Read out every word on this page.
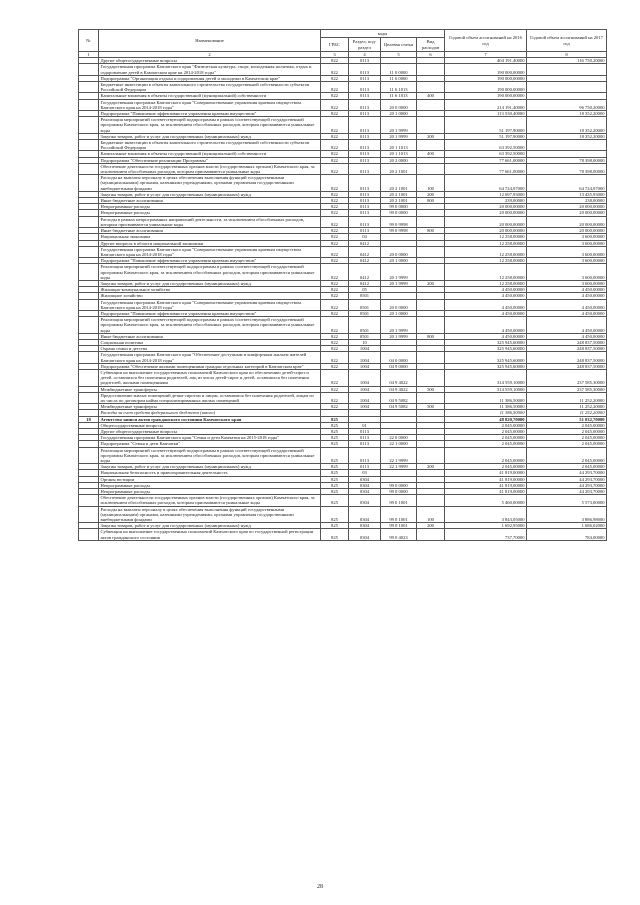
№	Наименование	коды				Годовой объем ассигнований на 2016 год	Годовой объем ассигнований на 2017 год
		ГРБС	Раздел, под-раздел	Целевая статья	Вид расходов		
1	2	3	4	5	6	7	8
	Другие общегосударственные вопросы	822	0113			404 191,40000	116 750,20000
	Государственная программа Камчатского края "Физическая культура, спорт, молодежная политика, отдых и оздоровление детей в Камчатском крае на 2014-2018 годы"	822	0113	11 0 0000		190 000,00000	
	Подпрограмма "Организация отдыха и оздоровления детей и молодежи в Камчатском крае"	822	0113	11 6 0000		190 000,00000	
	Бюджетные инвестиции в объекты капитального строительства государственной собственности субъектов Российской Федерации	822	0113	11 6 1013		190 000,00000	
	Капитальные вложения в объекты государственной (муниципальной) собственности	822	0113	11 6 1013	400	190 000,00000	
	Государственная программа Камчатского края "Совершенствование управления краевым имуществом Камчатского края на 2014-2018 годы"	822	0113	20 0 0000		214 191,40000	96 750,20000
	Подпрограмма "Повышение эффективности управления краевым имуществом"	822	0113	20 1 0000		113 530,40000	18 352,20000
	Реализация мероприятий соответствующей подпрограммы в рамках соответствующей государственной программы Камчатского края, за исключением обособленных расходов, которым присваиваются уникальные коды	822	0113	20 1 9999		51 197,90000	18 352,20000
	Закупка товаров, работ и услуг для государственных (муниципальных) нужд	822	0113	20 1 9999	200	51 197,90000	18 352,20000
	Бюджетные инвестиции в объекты капитального строительства государственной собственности субъектов Российской Федерации	822	0113	20 1 1013		63 392,50000	
	Капитальные вложения в объекты государственной (муниципальной) собственности	822	0113	20 1 1013	400	63 392,50000	
	Подпрограмма "Обеспечение реализации Программы"	822	0113	20 2 0000		77 661,00000	78 398,00000
	Обеспечение деятельности государственных органов власти (государственных органов) Камчатского края, за исключением обособленных расходов, которым присваиваются уникальные коды	822	0113	20 2 1001		77 661,00000	78 398,00000
	Расходы на выплаты персоналу в целях обеспечения выполнения функций государственными (муниципальными) органами, казенными учреждениями, органами управления государственными внебюджетными фондами	822	0113	20 2 1001	100	64 724,07000	64 724,07000
	Закупка товаров, работ и услуг для государственных (муниципальных) нужд	822	0113	20 2 1001	200	12 697,93000	13 435,93000
	Иные бюджетные ассигнования	822	0113	20 2 1001	800	239,00000	238,00000
	Непрограммные расходы	822	0113	99 0 0000		20 000,00000	20 000,00000
	Непрограммные расходы	822	0113	99 0 0000		20 000,00000	20 000,00000
	Расходы в рамках непрограммных направлений деятельности, за исключением обособленных расходов, которым присваиваются уникальные коды	822	0113	99 0 9998		20 000,00000	20 000,00000
	Иные бюджетные ассигнования	822	0113	99 0 9998	800	20 000,00000	20 000,00000
	Национальная экономика	822	04			12 258,00000	3 600,00000
	Другие вопросы в области национальной экономики	822	0412			12 258,00000	3 600,00000
	Государственная программа Камчатского края "Совершенствование управления краевым имуществом Камчатского края на 2014-2018 годы"	822	0412	20 0 0000		12 258,00000	3 600,00000
	Подпрограмма "Повышение эффективности управления краевым имуществом"	822	0412	20 1 0000		12 258,00000	3 600,00000
	Реализация мероприятий соответствующей подпрограммы в рамках соответствующей государственной программы Камчатского края, за исключением обособленных расходов, которым присваиваются уникальные коды	822	0412	20 1 9999		12 258,00000	3 600,00000
	Закупка товаров, работ и услуг для государственных (муниципальных) нужд	822	0412	20 1 9999	200	12 258,00000	3 600,00000
	Жилищно-коммунальное хозяйство	822	05			4 450,00000	4 450,00000
	Жилищное хозяйство	822	0501			4 450,00000	4 450,00000
	Государственная программа Камчатского края "Совершенствование управления краевым имуществом Камчатского края на 2014-2018 годы"	822	0501	20 0 0000		4 450,00000	4 450,00000
	Подпрограмма "Повышение эффективности управления краевым имуществом"	822	0501	20 1 0000		4 450,00000	4 450,00000
	Реализация мероприятий соответствующей подпрограммы в рамках соответствующей государственной программы Камчатского края, за исключением обособленных расходов, которым присваиваются уникальные коды	822	0501	20 1 9999		4 450,00000	4 450,00000
	Иные бюджетные ассигнования	822	0501	20 1 9999	800	4 450,00000	4 450,00000
	Социальная политика	822	10			325 945,60000	248 837,50000
	Охрана семьи и детства	822	1004			325 945,60000	248 837,50000
	Государственная программа Камчатского края "Обеспечение доступным и комфортным жильем жителей Камчатского края на 2014-2018 годы"	822	1004	04 0 0000		325 945,60000	248 837,50000
	Подпрограмма "Обеспечение жилыми помещениями граждан отдельных категорий в Камчатском крае"	822	1004	04 9 0000		325 945,60000	248 837,50000
	Субвенции на выполнение государственных полномочий Камчатского края по обеспечению детей-сирот и детей, оставшихся без попечения родителей, лиц из числа детей-сирот и детей, оставшихся без попечения родителей, жилыми помещениями	822	1004	04 9 4022		314 559,10000	237 585,30000
	Межбюджетные трансферты	822	1004	04 9 4022	500	314 559,10000	237 585,30000
	Предоставление жилых помещений детям-сиротам и лицам, оставшимся без попечения родителей, лицам из их числа по договорам найма специализированных жилых помещений	822	1004	04 9 5082		11 386,50000	11 252,20000
	Межбюджетные трансферты	822	1004	04 9 5082	500	11 386,50000	11 252,20000
	Расходы за счет средств федерального бюджета (итого)					11 386,50000	11 252,20000
18	Агентство записи актов гражданского состояния Камчатского края	825				48 820,70000	51 032,70000
	Общегосударственные вопросы	825	01			2 045,00000	2 045,00000
	Другие общегосударственные вопросы	825	0113			2 045,00000	2 045,00000
	Государственная программа Камчатского края "Семья и дети Камчатки на 2015-2018 годы"	825	0113	22 0 0000		2 045,00000	2 045,00000
	Подпрограмма "Семья и дети Камчатки"	825	0113	22 1 0000		2 045,00000	2 045,00000
	Реализация мероприятий соответствующей подпрограммы в рамках соответствующей государственной программы Камчатского края, за исключением обособленных расходов, которым присваиваются уникальные коды	825	0113	22 1 9999		2 045,00000	2 045,00000
	Закупка товаров, работ и услуг для государственных (муниципальных) нужд	825	0113	22 1 9999	200	2 045,00000	2 045,00000
	Национальная безопасность и правоохранительная деятельность	825	03			41 819,00000	44 293,70000
	Органы юстиции	825	0304			41 819,00000	44 293,70000
	Непрограммные расходы	825	0304	99 0 0000		41 819,00000	44 293,70000
	Непрограммные расходы	825	0304	99 0 0000		41 819,00000	44 293,70000
	Обеспечение деятельности государственных органов власти (государственных органов) Камчатского края, за исключением обособленных расходов, которым присваиваются уникальные коды	825	0304	99 0 1001		5 460,00000	5 573,00000
	Расходы на выплаты персоналу в целях обеспечения выполнения функций государственными (муниципальными) органами, казенными учреждениями, органами управления государственными внебюджетными фондами	825	0304	99 0 1001	100	3 843,05000	3 886,98000
	Закупка товаров, работ и услуг для государственных (муниципальных) нужд	825	0304	99 0 1001	200	1 692,95000	1 686,02000
	Субвенции на выполнение государственных полномочий Камчатского края по государственной регистрации актов гражданского состояния	825	0304	99 0 4023		737,70000	784,00000
28
